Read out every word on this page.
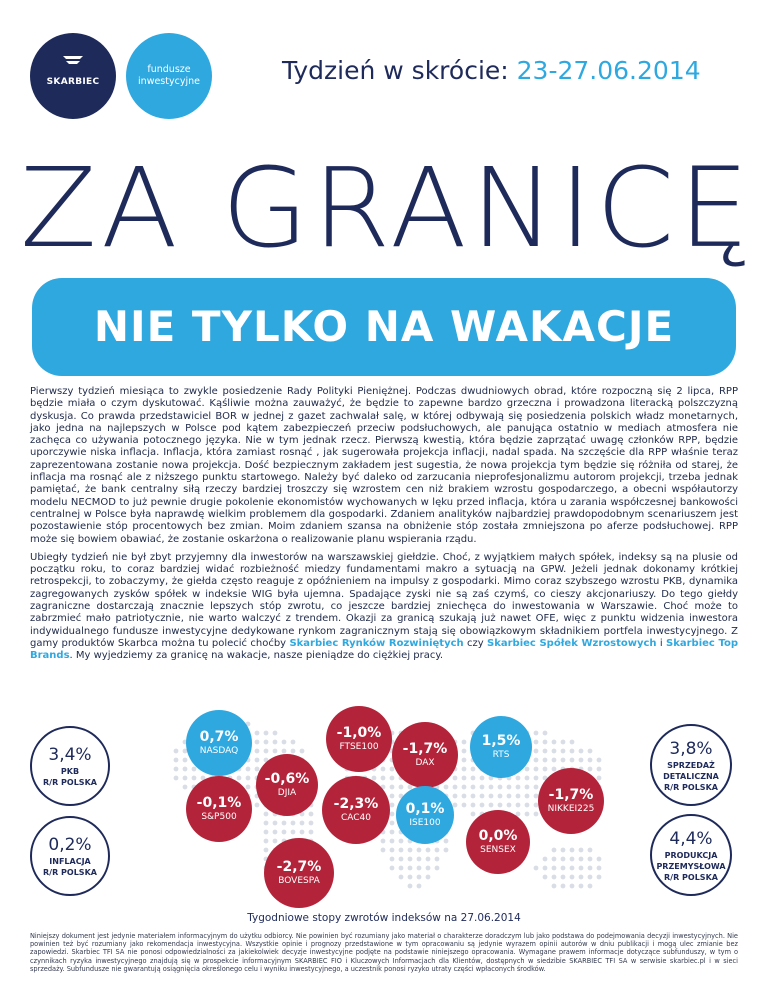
SKARBIEC
fundusze
inwestycyjne	Tydzień w skrócie: 23-27.06.2014
ZA GRANICĘ
NIE TYLKO NA WAKACJE

Pierwszy tydzień miesiąca to zwykle posiedzenie Rady Polityki Pieniężnej. Podczas dwudniowych obrad, które rozpoczną się 2 lipca, RPP będzie miała o czym dyskutować. Kąśliwie można zauważyć, że będzie to zapewne bardzo grzeczna i prowadzona literacką polszczyzną dyskusja. Co prawda przedstawiciel BOR w jednej z gazet zachwalał salę, w której odbywają się posiedzenia polskich władz monetarnych, jako jedna na najlepszych w Polsce pod kątem zabezpieczeń przeciw podsłuchowych, ale panująca ostatnio w mediach atmosfera nie zachęca co używania potocznego języka. Nie w tym jednak rzecz. Pierwszą kwestią, która będzie zaprzątać uwagę członków RPP, będzie uporczywie niska inflacja. Inflacja, która zamiast rosnąć , jak sugerowała projekcja inflacji, nadal spada. Na szczęście dla RPP właśnie teraz zaprezentowana zostanie nowa projekcja. Dość bezpiecznym zakładem jest sugestia, że nowa projekcja tym będzie się różniła od starej, że inflacja ma rosnąć ale z niższego punktu startowego. Należy być daleko od zarzucania nieprofesjonalizmu autorom projekcji, trzeba jednak pamiętać, że bank centralny siłą rzeczy bardziej troszczy się wzrostem cen niż brakiem wzrostu gospodarczego, a obecni współautorzy modelu NECMOD to już pewnie drugie pokolenie ekonomistów wychowanych w lęku przed inflacja, która u zarania współczesnej bankowości centralnej w Polsce była naprawdę wielkim problemem dla gospodarki. Zdaniem analityków najbardziej prawdopodobnym scenariuszem jest pozostawienie stóp procentowych bez zmian. Moim zdaniem szansa na obniżenie stóp została zmniejszona po aferze podsłuchowej. RPP może się bowiem obawiać, że zostanie oskarżona o realizowanie planu wspierania rządu.

Ubiegły tydzień nie był zbyt przyjemny dla inwestorów na warszawskiej giełdzie. Choć, z wyjątkiem małych spółek, indeksy są na plusie od początku roku, to coraz bardziej widać rozbieżność miedzy fundamentami makro a sytuacją na GPW. Jeżeli jednak dokonamy krótkiej retrospekcji, to zobaczymy, że giełda często reaguje z opóźnieniem na impulsy z gospodarki. Mimo coraz szybszego wzrostu PKB, dynamika zagregowanych zysków spółek w indeksie WIG była ujemna. Spadające zyski nie są zaś czymś, co cieszy akcjonariuszy. Do tego giełdy zagraniczne dostarczają znacznie lepszych stóp zwrotu, co jeszcze bardziej zniechęca do inwestowania w Warszawie. Choć może to zabrzmieć mało patriotycznie, nie warto walczyć z trendem. Okazji za granicą szukają już nawet OFE, więc z punktu widzenia inwestora indywidualnego fundusze inwestycyjne dedykowane rynkom zagranicznym stają się obowiązkowym składnikiem portfela inwestycyjnego. Z gamy produktów Skarbca można tu polecić choćby Skarbiec Rynków Rozwiniętych czy Skarbiec Spółek Wzrostowych i Skarbiec Top Brands. My wyjedziemy za granicę na wakacje, nasze pieniądze do ciężkiej pracy.

0,7%
NASDAQ
-1,0%
FTSE100 -1,7%
DAX
1,5%
RTS
-0,6%
DJIA
-0,1%
S&P500
-2,3%
CAC40
0,1%
ISE100
-1,7%
NIKKEI225
0,0%
SENSEX
-2,7%
BOVESPA
3,4%
PKB
R/R POLSKA
0,2%
INFLACJA
R/R POLSKA
3,8%
SPRZEDAŻ
DETALICZNA
R/R POLSKA
4,4%
PRODUKCJA
PRZEMYSŁOWA
R/R POLSKA
Tygodniowe stopy zwrotów indeksów na 27.06.2014
Niniejszy dokument jest jedynie materiałem informacyjnym do użytku odbiorcy. Nie powinien być rozumiany jako materiał o charakterze doradczym lub jako podstawa do podejmowania decyzji inwestycyjnych. Nie powinien też być rozumiany jako rekomendacja inwestycyjna. Wszystkie opinie i prognozy przedstawione w tym opracowaniu są jedynie wyrazem opinii autorów w dniu publikacji i mogą ulec zmianie bez zapowiedzi. Skarbiec TFI SA nie ponosi odpowiedzialności za jakiekolwiek decyzje inwestycyjne podjęte na podstawie niniejszego opracowania. Wymagane prawem informacje dotyczące subfunduszy, w tym o czynnikach ryzyka inwestycyjnego znajdują się w prospekcie informacyjnym SKARBIEC FIO i Kluczowych Informacjach dla Klientów, dostępnych w siedzibie SKARBIEC TFI SA w serwisie skarbiec.pl i w sieci sprzedaży. Subfundusze nie gwarantują osiągnięcia określonego celu i wyniku inwestycyjnego, a uczestnik ponosi ryzyko utraty części wpłaconych środków.
